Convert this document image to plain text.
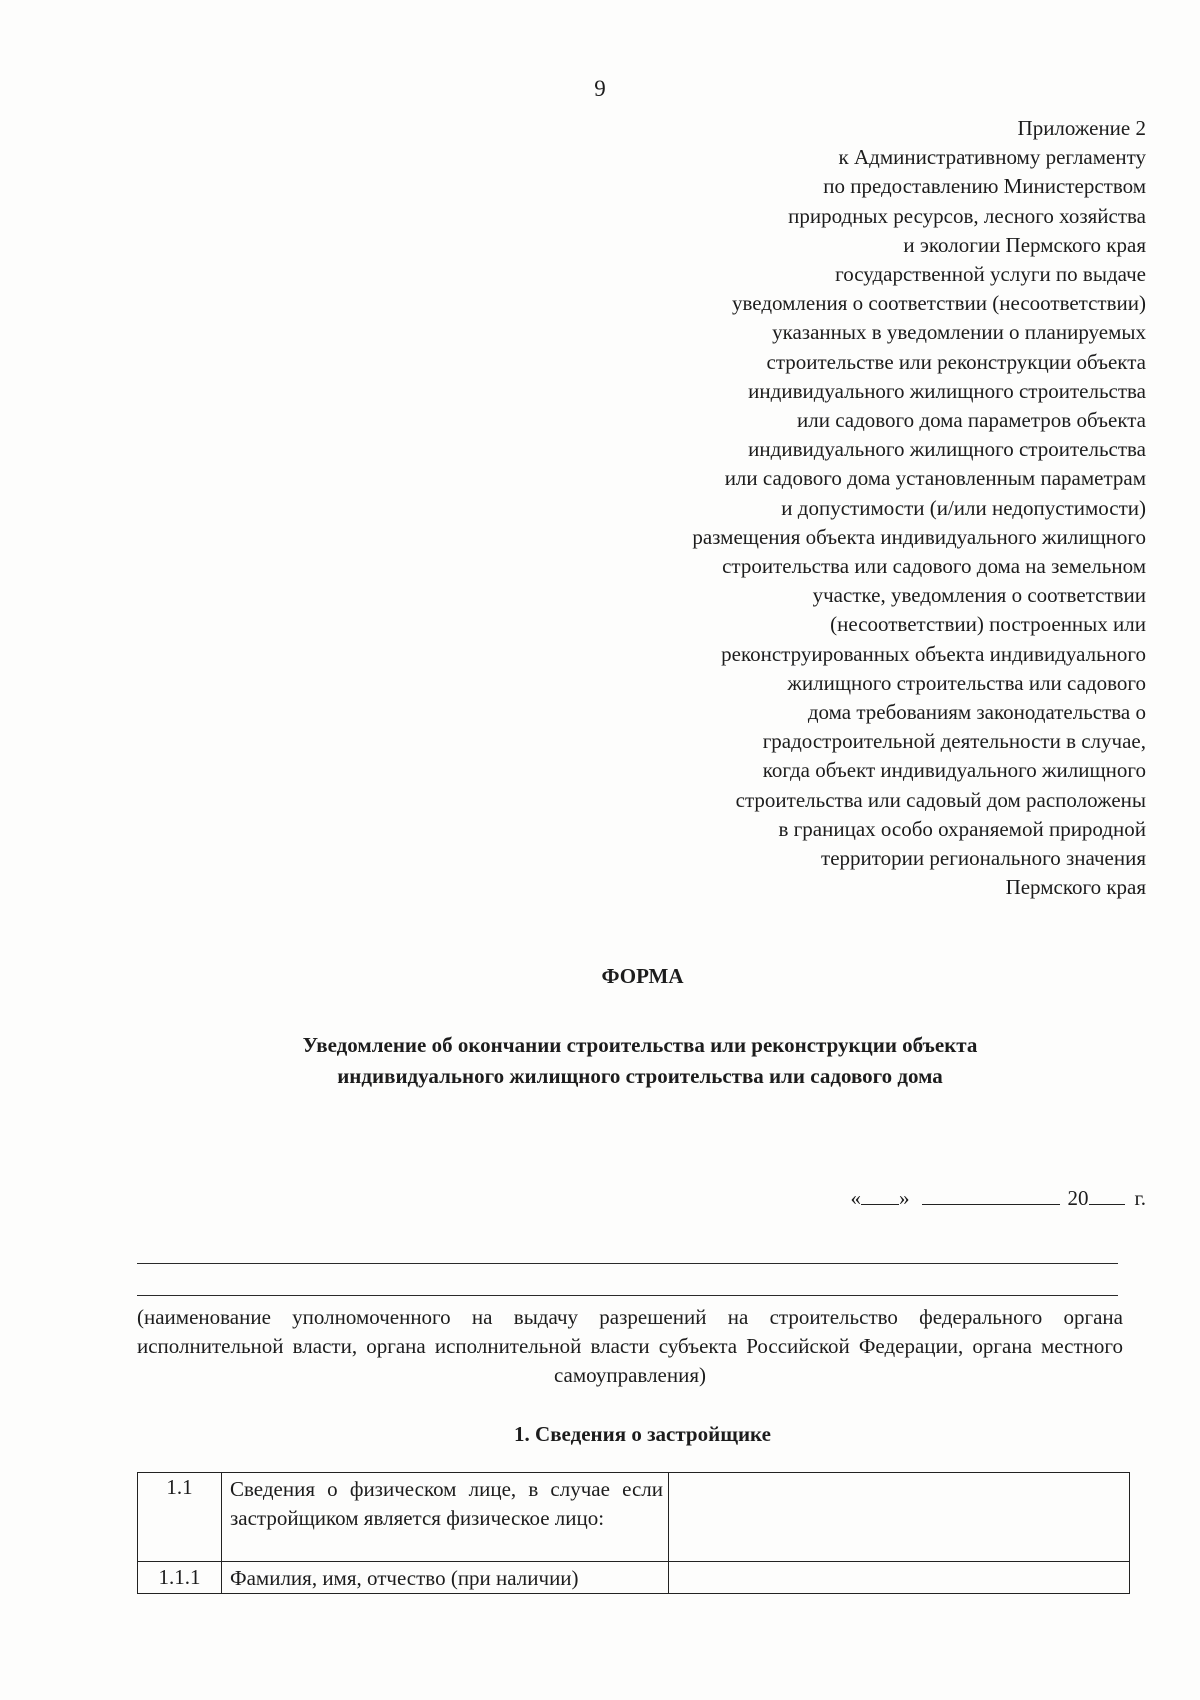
9
Приложение 2
к Административному регламенту
по предоставлению Министерством
природных ресурсов, лесного хозяйства
и экологии Пермского края
государственной услуги по выдаче
уведомления о соответствии (несоответствии)
указанных в уведомлении о планируемых
строительстве или реконструкции объекта
индивидуального жилищного строительства
или садового дома параметров объекта
индивидуального жилищного строительства
или садового дома установленным параметрам
и допустимости (и/или недопустимости)
размещения объекта индивидуального жилищного
строительства или садового дома на земельном
участке, уведомления о соответствии
(несоответствии) построенных или
реконструированных объекта индивидуального
жилищного строительства или садового
дома требованиям законодательства о
градостроительной деятельности в случае,
когда объект индивидуального жилищного
строительства или садовый дом расположены
в границах особо охраняемой природной
территории регионального значения
Пермского края
ФОРМА
Уведомление об окончании строительства или реконструкции объекта
индивидуального жилищного строительства или садового дома
« »	20 г.

(наименование уполномоченного на выдачу разрешений на строительство федерального органа исполнительной власти, органа исполнительной власти субъекта Российской Федерации, органа местного самоуправления)

1. Сведения о застройщике
1.1	Сведения о физическом лице, в случае если застройщиком является физическое лицо:	
1.1.1	Фамилия, имя, отчество (при наличии)	
